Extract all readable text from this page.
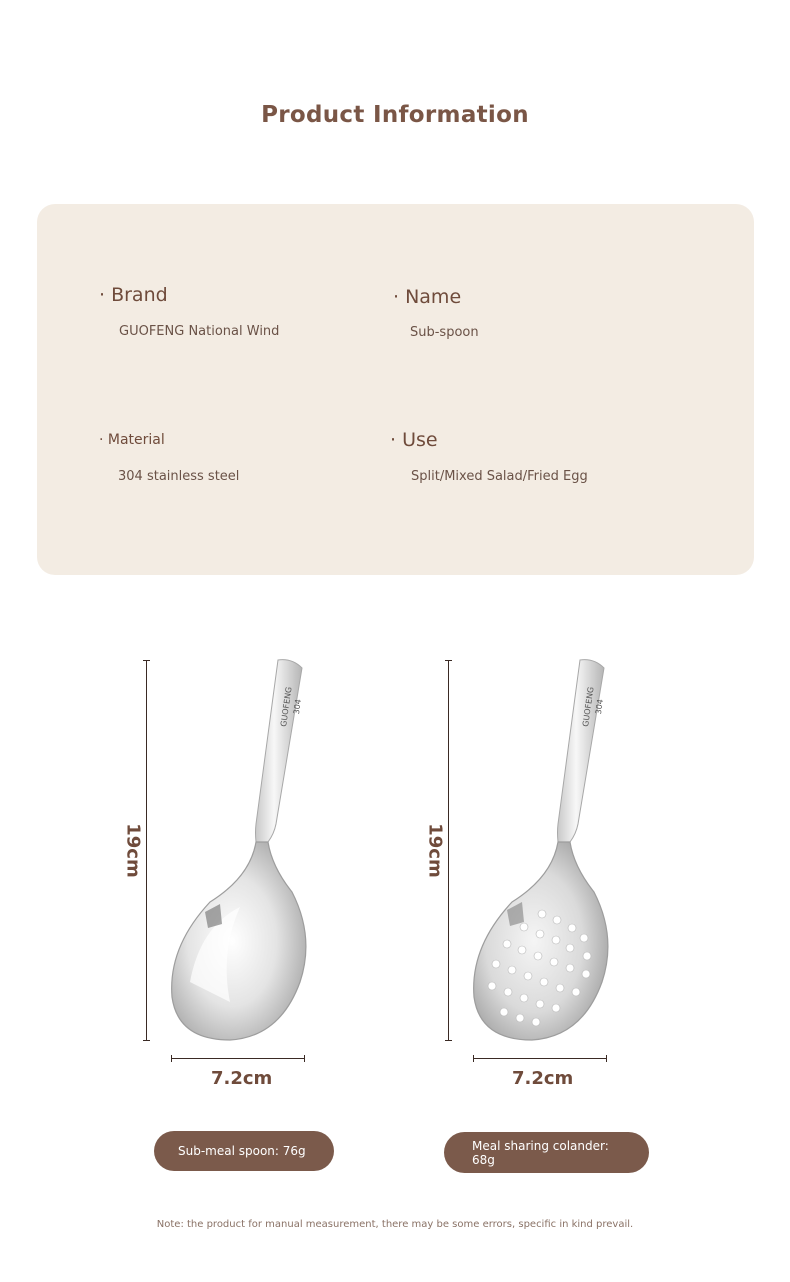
Product Information
· Brand
GUOFENG National Wind
· Name
Sub-spoon
· Material
304 stainless steel
· Use
Split/Mixed Salad/Fried Egg
19cm
GUOFENG
304
7.2cm
Sub-meal spoon: 76g
19cm
GUOFENG
304
7.2cm
Meal sharing colander:
68g

Note: the product for manual measurement, there may be some errors, specific in kind prevail.
